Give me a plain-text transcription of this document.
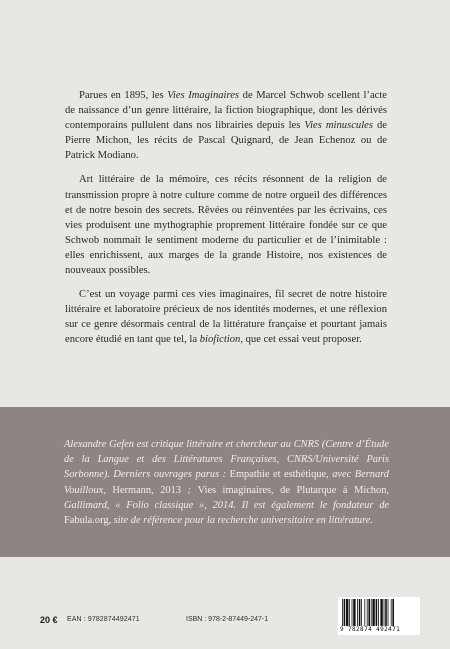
Parues en 1895, les Vies Imaginaires de Marcel Schwob scellent l’acte de naissance d’un genre littéraire, la fiction biographique, dont les dérivés contemporains pullulent dans nos librairies depuis les Vies minuscules de Pierre Michon, les récits de Pascal Quignard, de Jean Echenoz ou de Patrick Modiano.

Art littéraire de la mémoire, ces récits résonnent de la religion de transmission propre à notre culture comme de notre orgueil des différences et de notre besoin des secrets. Rêvées ou réinventées par les écrivains, ces vies produisent une mythographie proprement littéraire fondée sur ce que Schwob nommait le sentiment moderne du particulier et de l’inimitable : elles enrichissent, aux marges de la grande Histoire, nos existences de nouveaux possibles.

C’est un voyage parmi ces vies imaginaires, fil secret de notre histoire littéraire et laboratoire précieux de nos identités modernes, et une réflexion sur ce genre désormais central de la littérature française et pourtant jamais encore étudié en tant que tel, la biofiction, que cet essai veut proposer.

Alexandre Gefen est critique littéraire et chercheur au CNRS (Centre d’Étude de la Langue et des Littératures Françaises, CNRS/Université Paris Sorbonne). Derniers ouvrages parus : Empathie et esthétique, avec Bernard Vouilloux, Hermann, 2013 ; Vies imaginaires, de Plutarque à Michon, Gallimard, « Folio classique », 2014. Il est également le fondateur de Fabula.org, site de référence pour la recherche universitaire en littérature.
20 € EAN : 9782874492471	ISBN : 978-2-87449-247-1
9 782874 492471
